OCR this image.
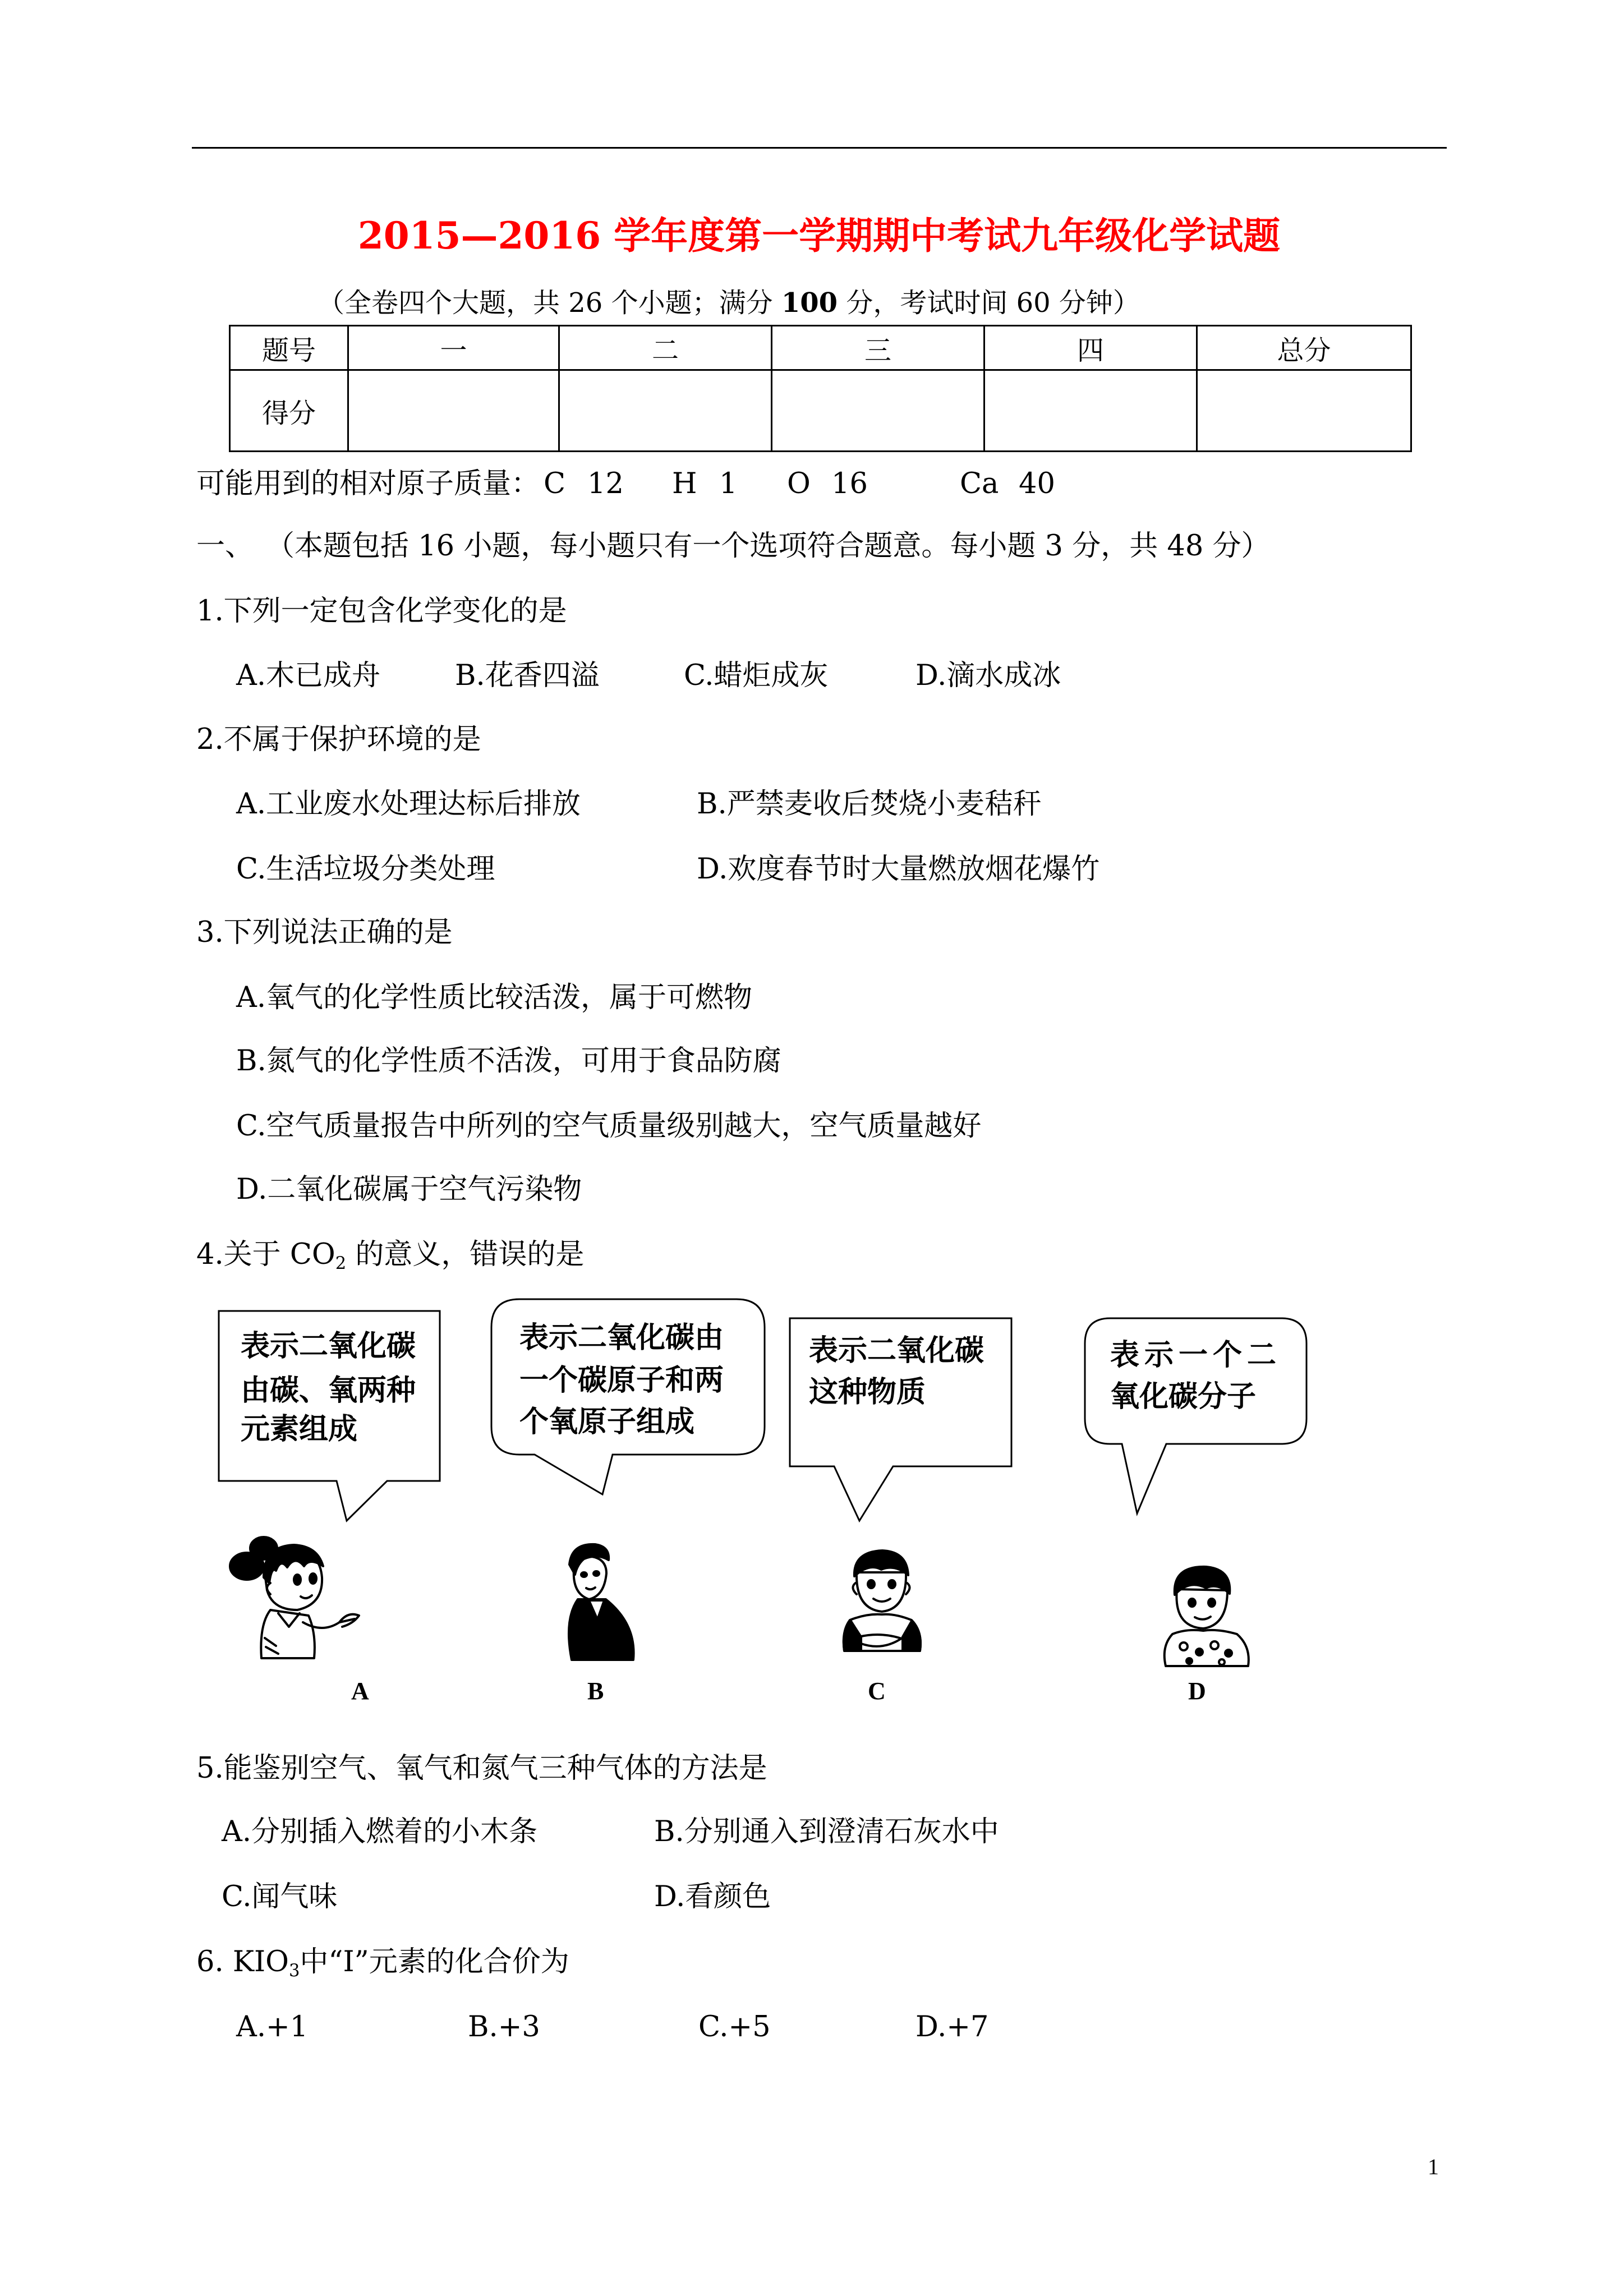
2015—2016 学年度第一学期期中考试九年级化学试题
（全卷四个大题，共 26 个小题；满分 100 分，考试时间 60 分钟）
题号	一	二	三	四	总分
得分					
可能用到的相对原子质量： C 12 H 1 O 16	Ca 40
一、 （本题包括 16 小题，每小题只有一个选项符合题意。每小题 3 分，共 48 分）
1.下列一定包含化学变化的是
A.木已成舟	B.花香四溢	C.蜡炬成灰	D.滴水成冰
2.不属于保护环境的是
A.工业废水处理达标后排放	B.严禁麦收后焚烧小麦秸秆
C.生活垃圾分类处理	D.欢度春节时大量燃放烟花爆竹
3.下列说法正确的是
A.氧气的化学性质比较活泼，属于可燃物
B.氮气的化学性质不活泼，可用于食品防腐
C.空气质量报告中所列的空气质量级别越大，空气质量越好
D.二氧化碳属于空气污染物
4.关于 $CO_2$ 的意义，错误的是
表示二氧化碳
由碳、氧两种
元素组成
表示二氧化碳由
一个碳原子和两
个氧原子组成
表示二氧化碳
这种物质
表示一个二
氧化碳分子
A	B	C	D
5.能鉴别空气、氧气和氮气三种气体的方法是
A.分别插入燃着的小木条	B.分别通入到澄清石灰水中
C.闻气味	D.看颜色
6. $KIO_3$中“I”元素的化合价为
A.+1	B.+3	C.+5	D.+7
1
